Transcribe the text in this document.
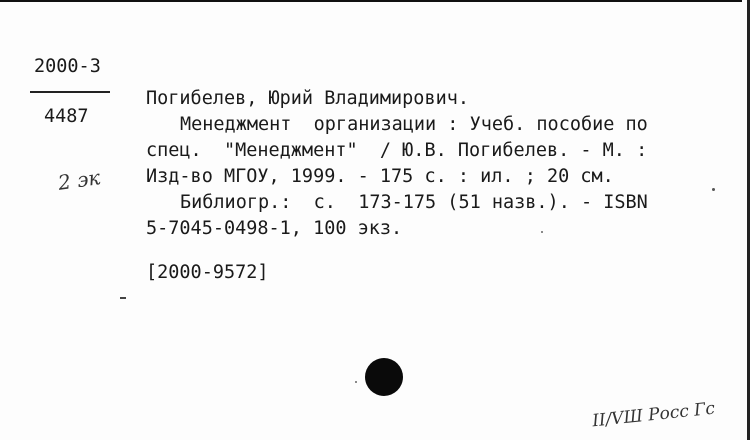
2000-3
4487
2 эк
Погибелев, Юрий Владимирович.
Менеджмент  организации : Учеб. пособие по
спец.  "Менеджмент"  / Ю.В. Погибелев. - М. :
Изд-во МГОУ, 1999. - 175 с. : ил. ; 20 см.
Библиогр.:  с.  173-175 (51 назв.). - ISBN
5-7045-0498-1, 100 экз.
[2000-9572]
II/VШ Росс Гс
